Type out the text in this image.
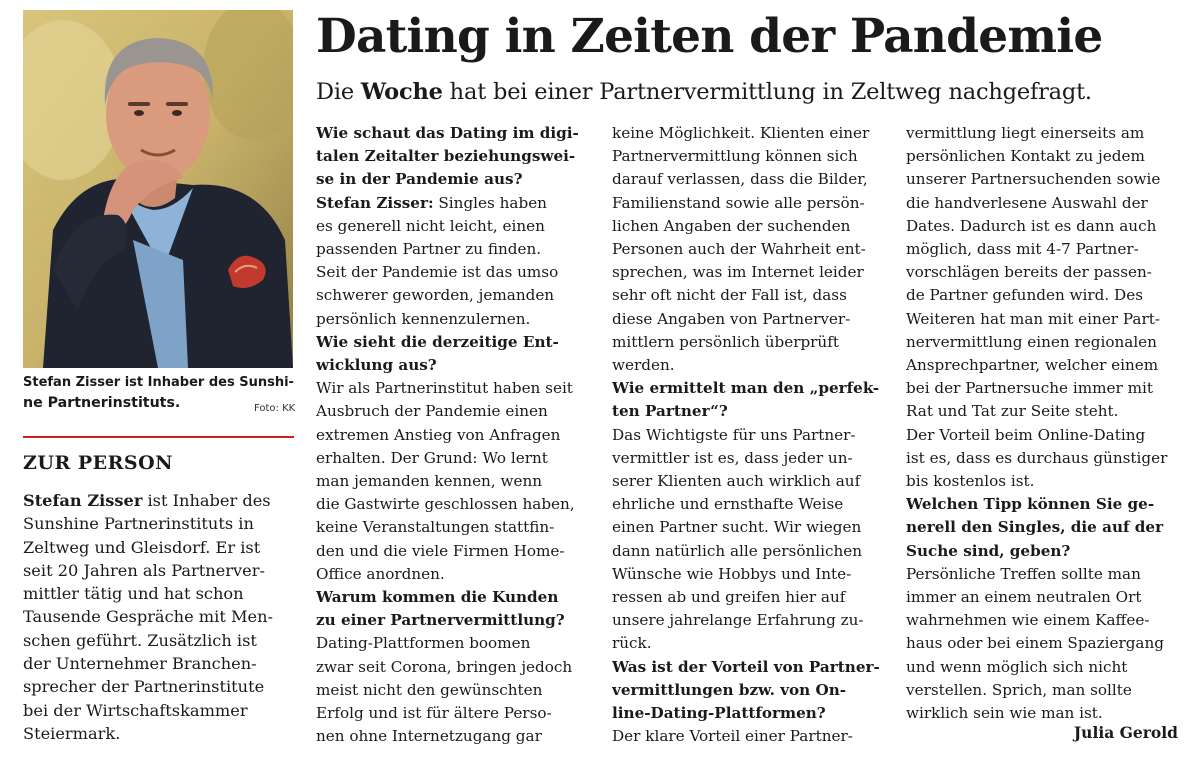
Stefan Zisser ist Inhaber des Sunshi-
ne Partnerinstituts.	Foto: KK
ZUR PERSON
Stefan Zisser ist Inhaber des
Sunshine Partnerinstituts in
Zeltweg und Gleisdorf. Er ist
seit 20 Jahren als Partnerver-
mittler tätig und hat schon
Tausende Gespräche mit Men-
schen geführt. Zusätzlich ist
der Unternehmer Branchen-
sprecher der Partnerinstitute
bei der Wirtschaftskammer
Steiermark.
Dating in Zeiten der Pandemie
Die Woche hat bei einer Partnervermittlung in Zeltweg nachgefragt.
Wie schaut das Dating im digi-
talen Zeitalter beziehungswei-
se in der Pandemie aus?
Stefan Zisser: Singles haben
es generell nicht leicht, einen
passenden Partner zu finden.
Seit der Pandemie ist das umso
schwerer geworden, jemanden
persönlich kennenzulernen.
Wie sieht die derzeitige Ent-
wicklung aus?
Wir als Partnerinstitut haben seit
Ausbruch der Pandemie einen
extremen Anstieg von Anfragen
erhalten. Der Grund: Wo lernt
man jemanden kennen, wenn
die Gastwirte geschlossen haben,
keine Veranstaltungen stattfin-
den und die viele Firmen Home-
Office anordnen.
Warum kommen die Kunden
zu einer Partnervermittlung?
Dating-Plattformen boomen
zwar seit Corona, bringen jedoch
meist nicht den gewünschten
Erfolg und ist für ältere Perso-
nen ohne Internetzugang gar
keine Möglichkeit. Klienten einer
Partnervermittlung können sich
darauf verlassen, dass die Bilder,
Familienstand sowie alle persön-
lichen Angaben der suchenden
Personen auch der Wahrheit ent-
sprechen, was im Internet leider
sehr oft nicht der Fall ist, dass
diese Angaben von Partnerver-
mittlern persönlich überprüft
werden.
Wie ermittelt man den „perfek-
ten Partner“?
Das Wichtigste für uns Partner-
vermittler ist es, dass jeder un-
serer Klienten auch wirklich auf
ehrliche und ernsthafte Weise
einen Partner sucht. Wir wiegen
dann natürlich alle persönlichen
Wünsche wie Hobbys und Inte-
ressen ab und greifen hier auf
unsere jahrelange Erfahrung zu-
rück.
Was ist der Vorteil von Partner-
vermittlungen bzw. von On-
line-Dating-Plattformen?
Der klare Vorteil einer Partner-
vermittlung liegt einerseits am
persönlichen Kontakt zu jedem
unserer Partnersuchenden sowie
die handverlesene Auswahl der
Dates. Dadurch ist es dann auch
möglich, dass mit 4-7 Partner-
vorschlägen bereits der passen-
de Partner gefunden wird. Des
Weiteren hat man mit einer Part-
nervermittlung einen regionalen
Ansprechpartner, welcher einem
bei der Partnersuche immer mit
Rat und Tat zur Seite steht.
Der Vorteil beim Online-Dating
ist es, dass es durchaus günstiger
bis kostenlos ist.
Welchen Tipp können Sie ge-
nerell den Singles, die auf der
Suche sind, geben?
Persönliche Treffen sollte man
immer an einem neutralen Ort
wahrnehmen wie einem Kaffee-
haus oder bei einem Spaziergang
und wenn möglich sich nicht
verstellen. Sprich, man sollte
wirklich sein wie man ist.
Julia Gerold
